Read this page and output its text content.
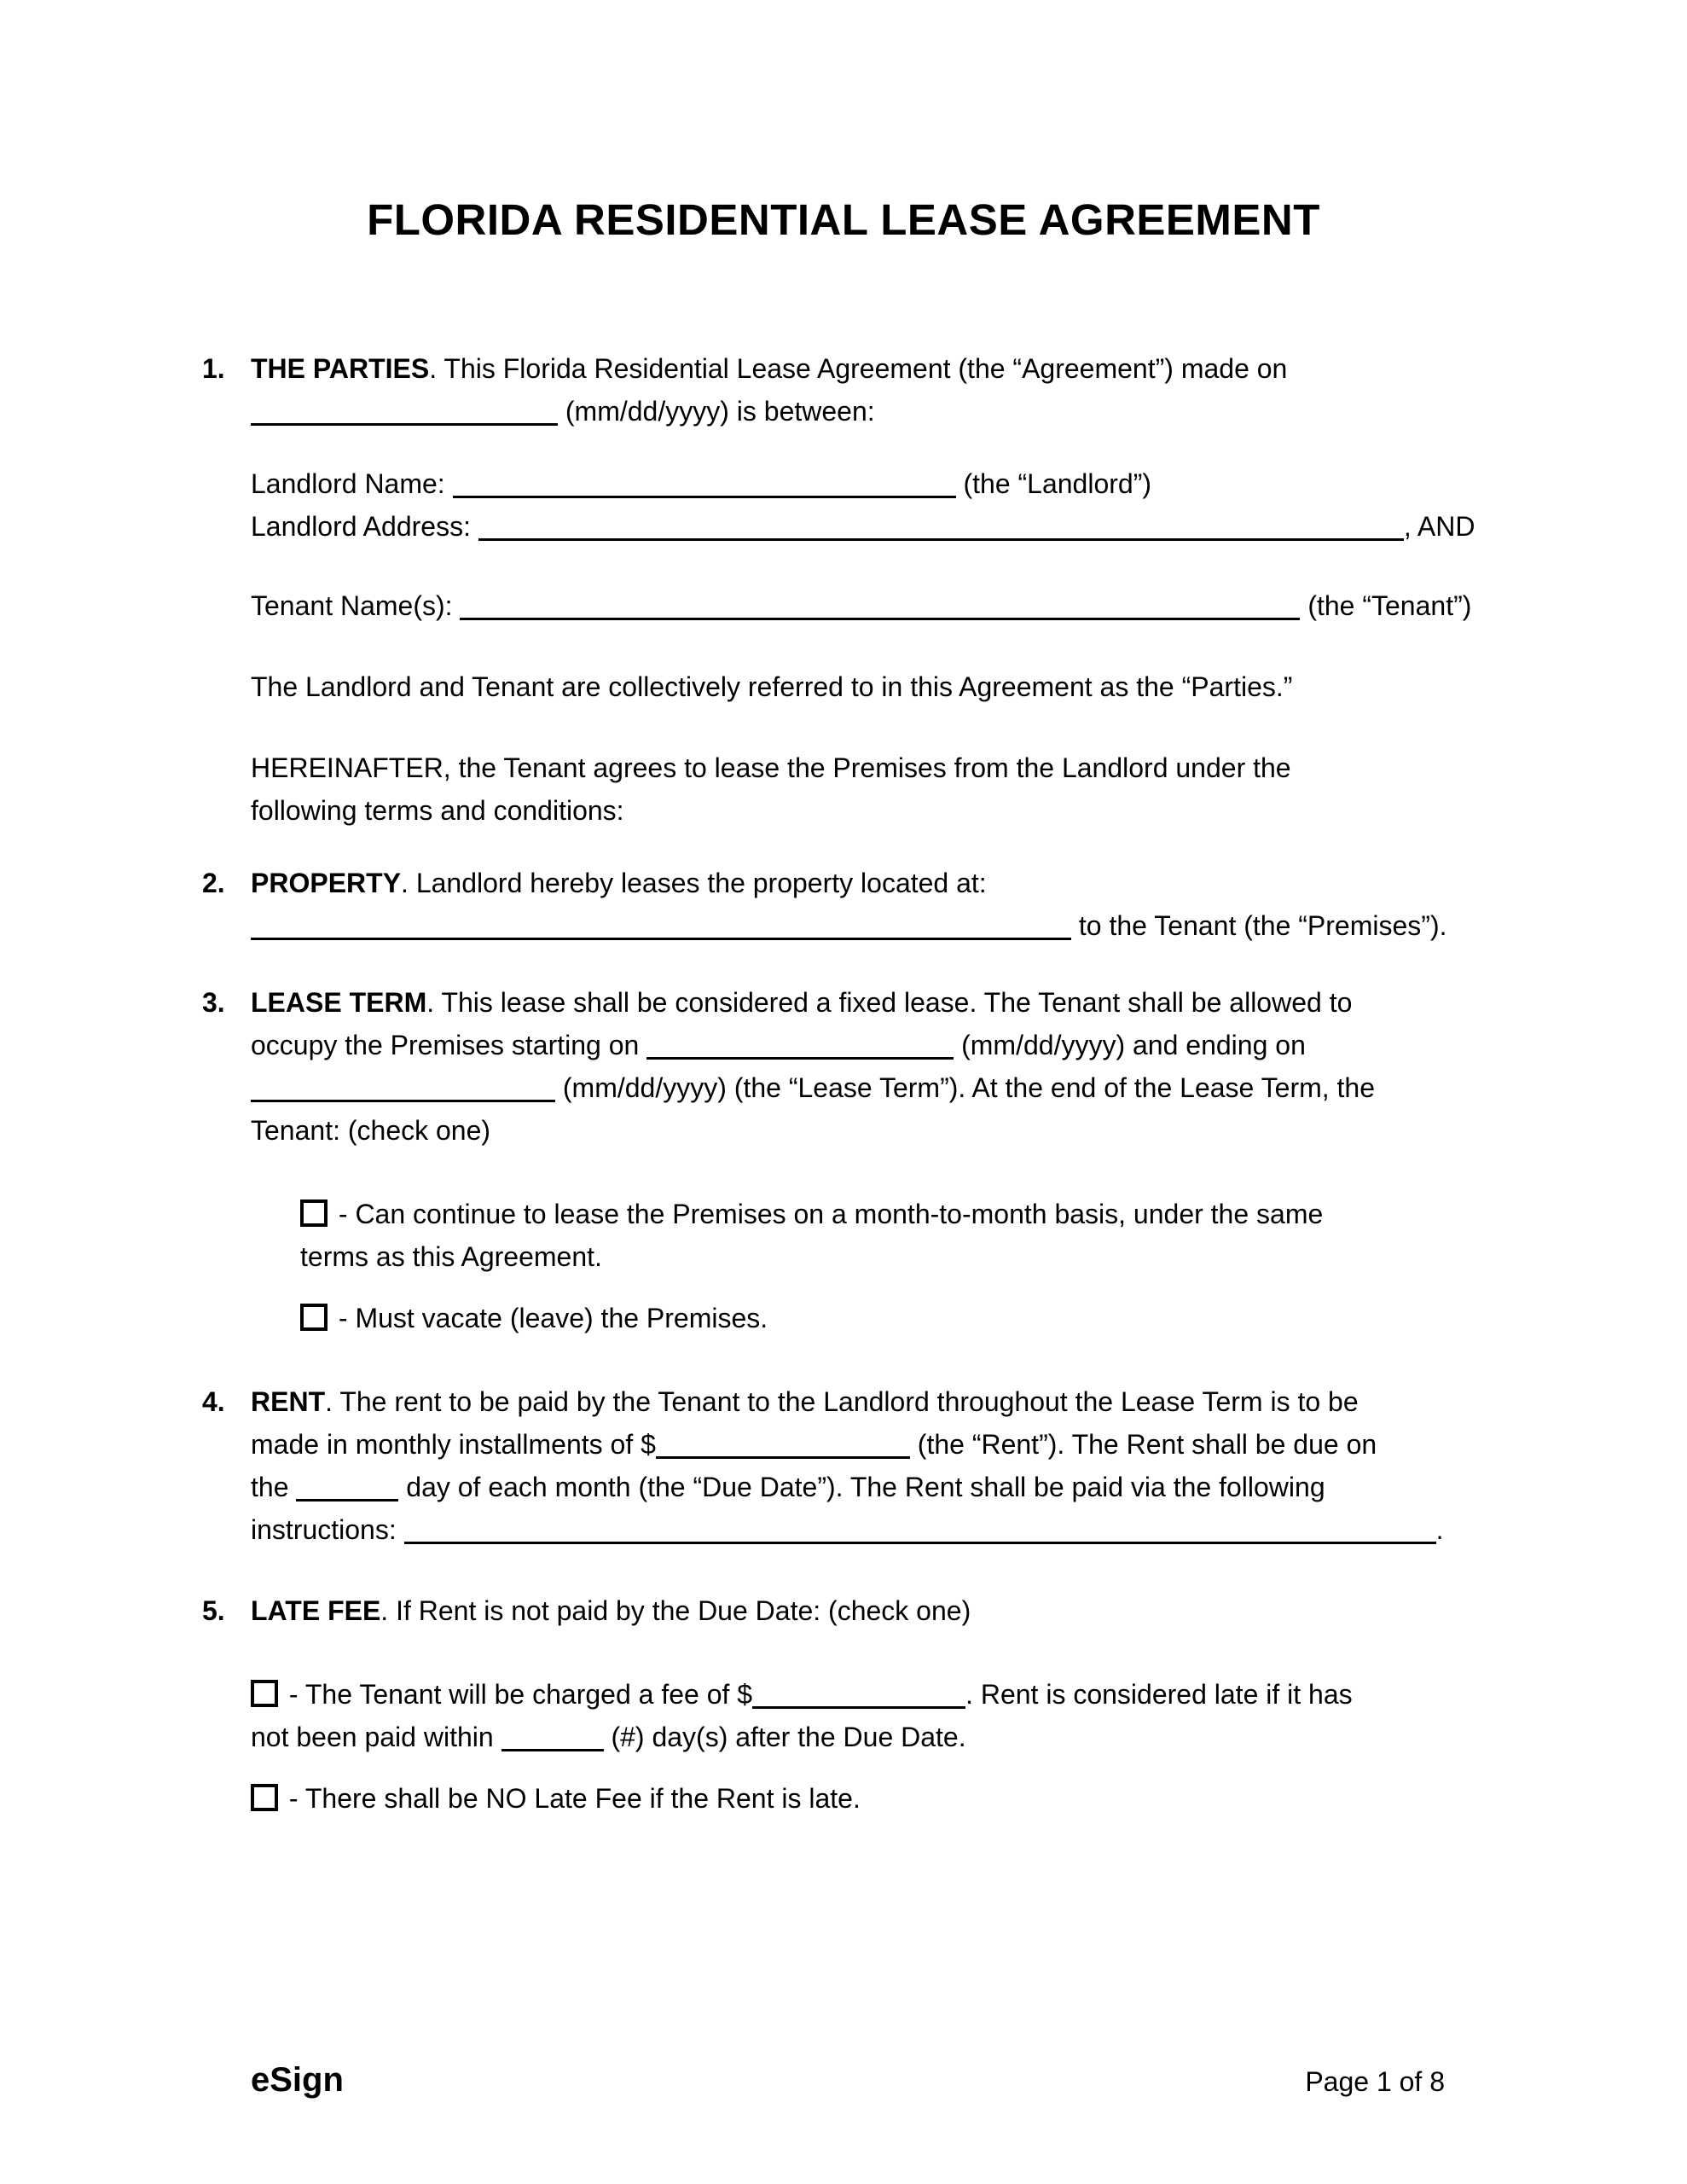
FLORIDA RESIDENTIAL LEASE AGREEMENT
1. THE PARTIES. This Florida Residential Lease Agreement (the “Agreement”) made on
(mm/dd/yyyy) is between:

Landlord Name:	(the “Landlord”)
Landlord Address:	, AND

Tenant Name(s):	(the “Tenant”)

The Landlord and Tenant are collectively referred to in this Agreement as the “Parties.”

HEREINAFTER, the Tenant agrees to lease the Premises from the Landlord under the
following terms and conditions:

2. PROPERTY. Landlord hereby leases the property located at:
to the Tenant (the “Premises”).

3. LEASE TERM. This lease shall be considered a fixed lease. The Tenant shall be allowed to
occupy the Premises starting on	(mm/dd/yyyy) and ending on
(mm/dd/yyyy) (the “Lease Term”). At the end of the Lease Term, the
Tenant: (check one)

- Can continue to lease the Premises on a month-to-month basis, under the same
terms as this Agreement.

- Must vacate (leave) the Premises.

4. RENT. The rent to be paid by the Tenant to the Landlord throughout the Lease Term is to be
made in monthly installments of $	(the “Rent”). The Rent shall be due on
the	day of each month (the “Due Date”). The Rent shall be paid via the following
instructions:	.

5. LATE FEE. If Rent is not paid by the Due Date: (check one)

- The Tenant will be charged a fee of $	. Rent is considered late if it has
not been paid within	(#) day(s) after the Due Date.

- There shall be NO Late Fee if the Rent is late.

eSign	Page 1 of 8
